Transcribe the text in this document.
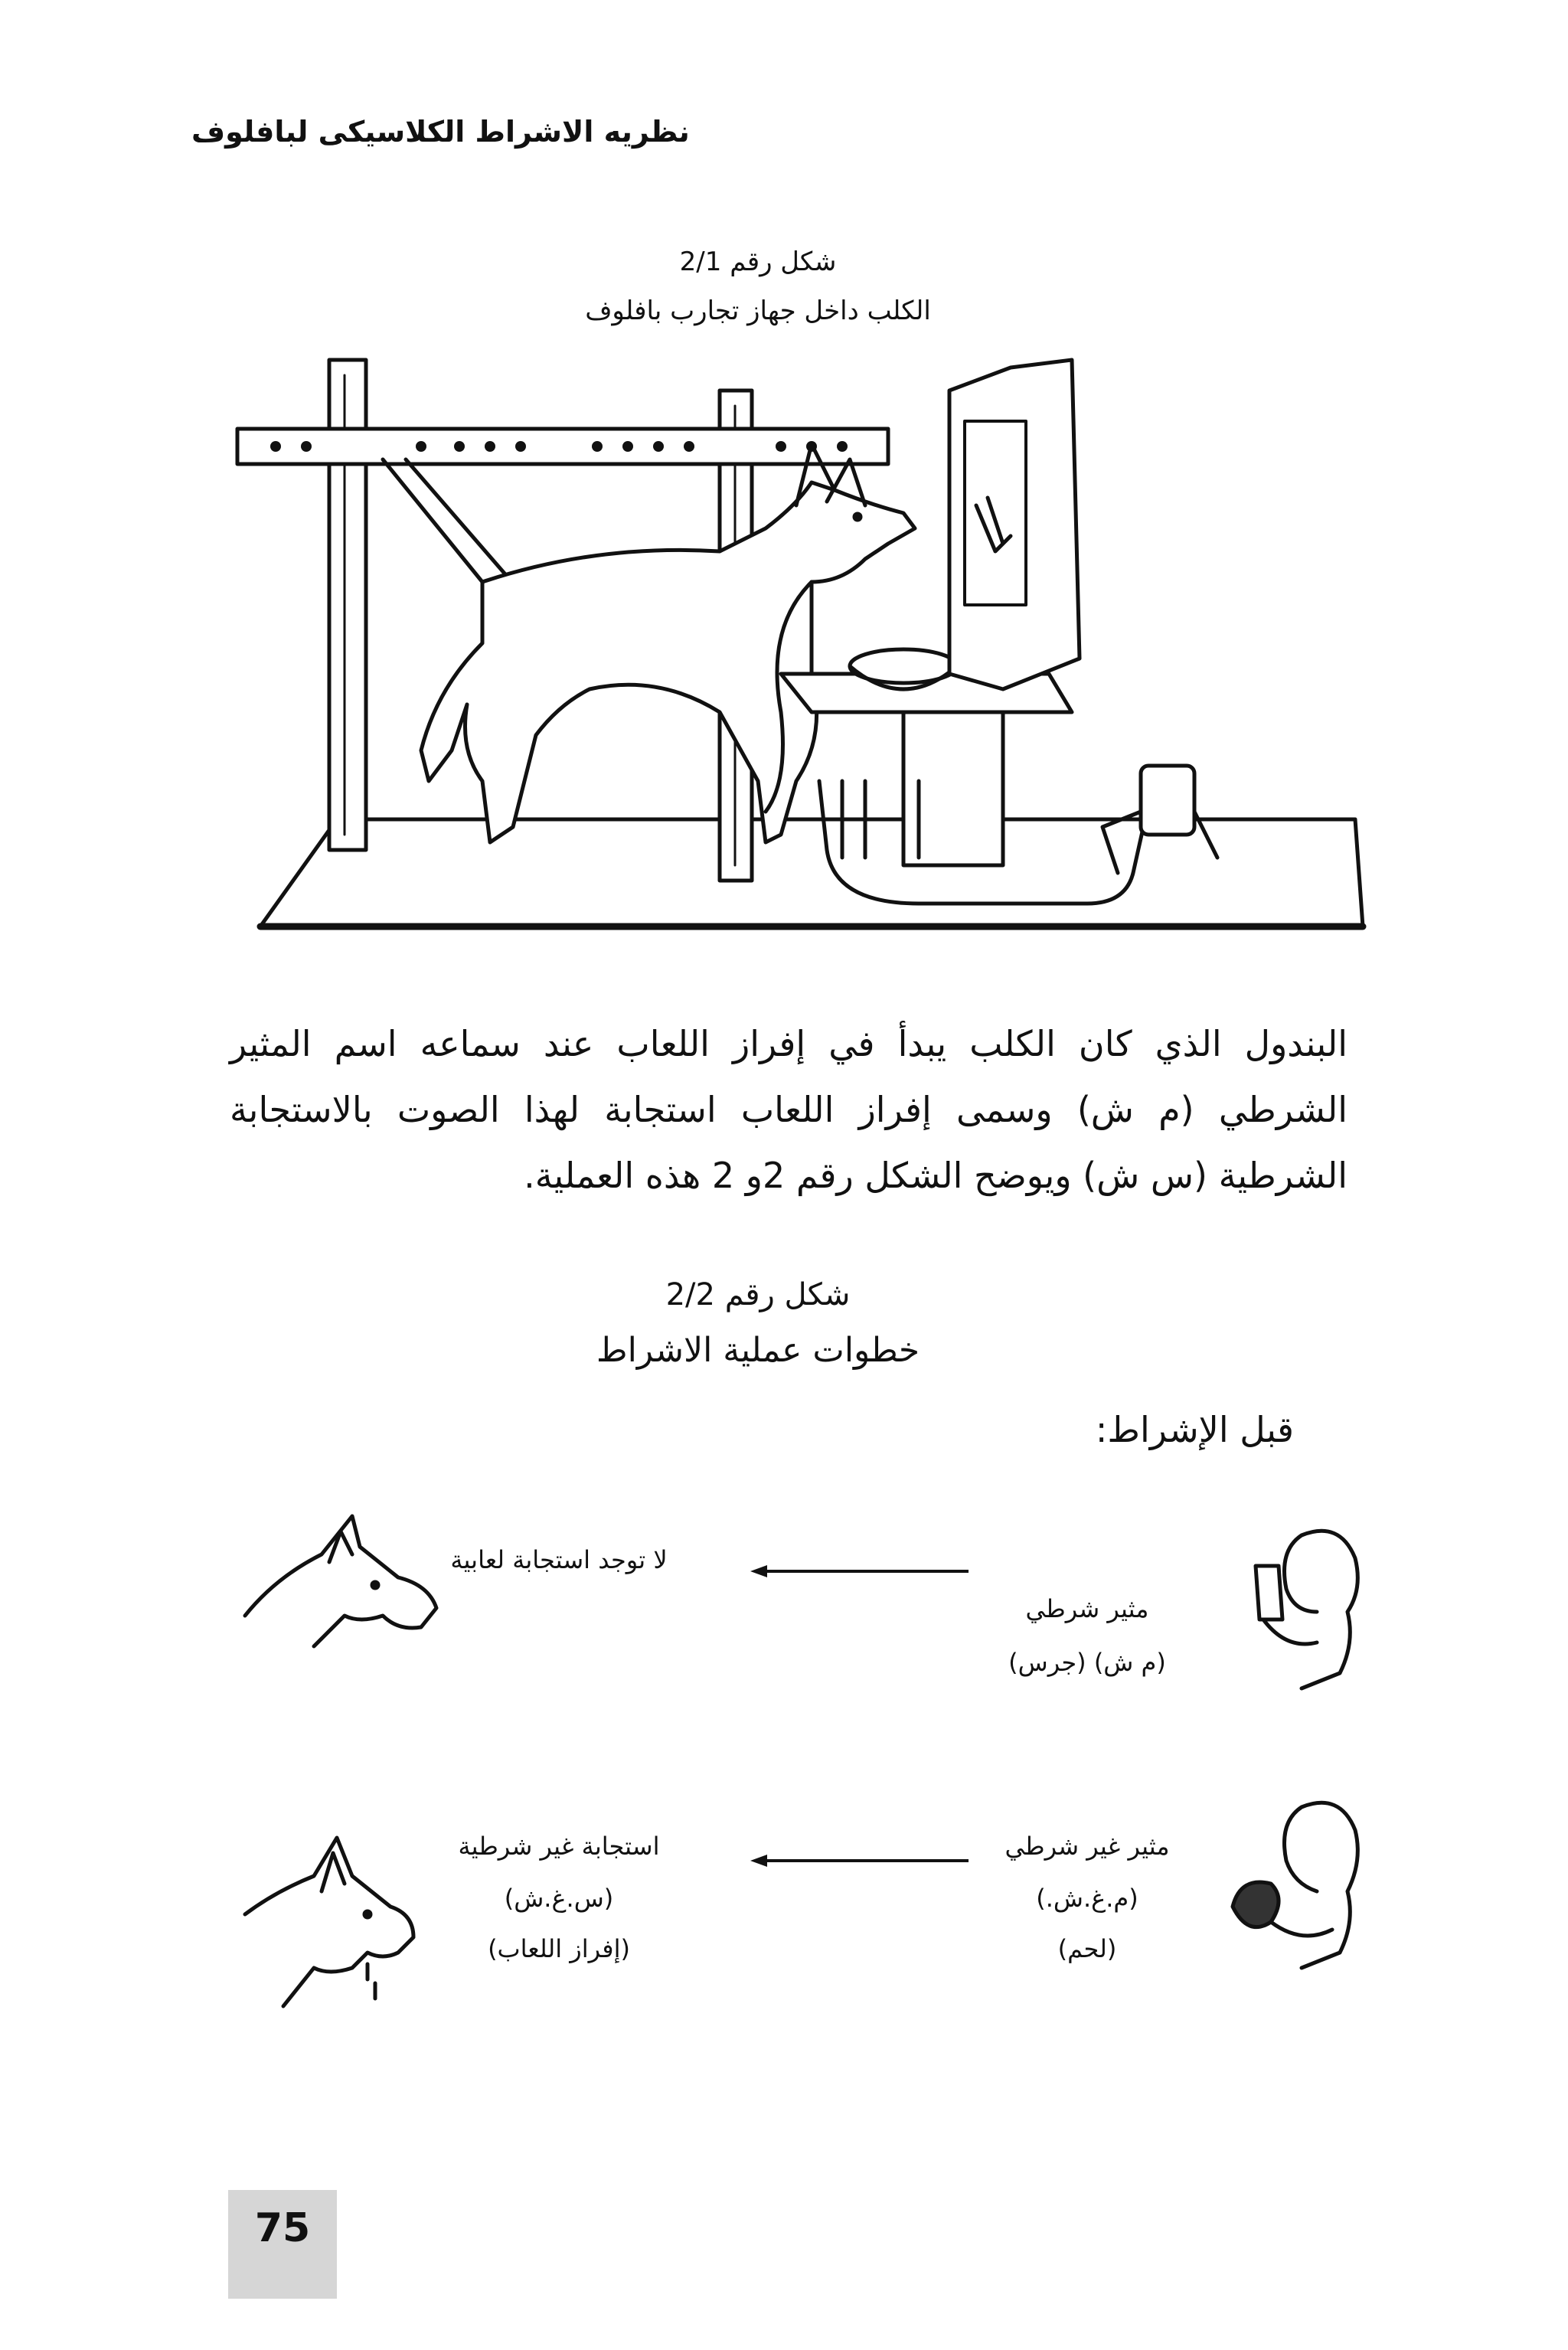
نظريه الاشراط الكلاسيكى لبافلوف
شكل رقم 2/1
الكلب داخل جهاز تجارب بافلوف
البندول الذي كان الكلب يبدأ في إفراز اللعاب عند سماعه اسم المثير الشرطي (م ش) وسمى إفراز اللعاب استجابة لهذا الصوت بالاستجابة الشرطية (س ش) ويوضح الشكل رقم 2و 2 هذه العملية.
شكل رقم 2/2
خطوات عملية الاشراط
قبل الإشراط:
لا توجد استجابة لعابية
مثير شرطي
(م ش) (جرس)
استجابة غير شرطية
(س.غ.ش)
(إفراز اللعاب)
مثير غير شرطي
(م.غ.ش.)
(لحم)
75
